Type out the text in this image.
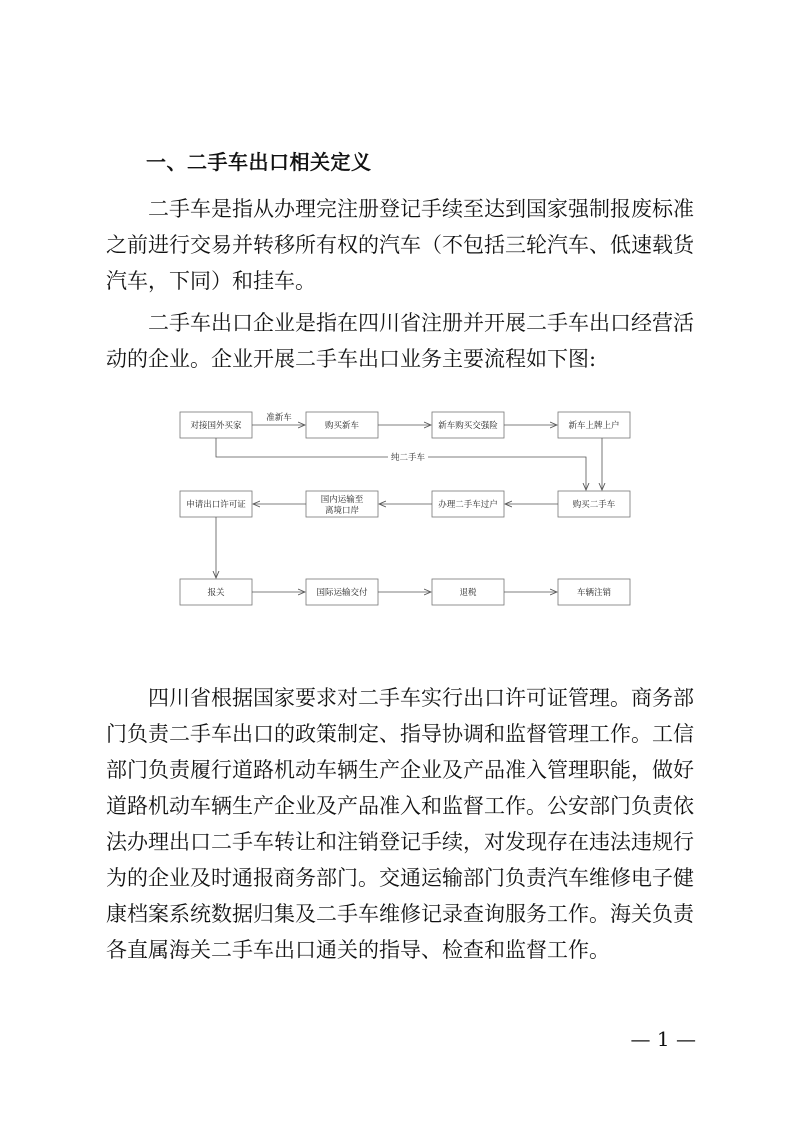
一、二手车出口相关定义

二手车是指从办理完注册登记手续至达到国家强制报废标准之前进行交易并转移所有权的汽车（不包括三轮汽车、低速载货汽车，下同）和挂车。

二手车出口企业是指在四川省注册并开展二手车出口经营活动的企业。企业开展二手车出口业务主要流程如下图:

对接国外买家	购买新车	新车购买交强险	新车上牌上户
申请出口许可证	国内运输至
离境口岸
办理二手车过户	购买二手车
报关	国际运输交付	退税	车辆注销
准新车
纯二手车

四川省根据国家要求对二手车实行出口许可证管理。商务部门负责二手车出口的政策制定、指导协调和监督管理工作。工信部门负责履行道路机动车辆生产企业及产品准入管理职能，做好道路机动车辆生产企业及产品准入和监督工作。公安部门负责依法办理出口二手车转让和注销登记手续，对发现存在违法违规行为的企业及时通报商务部门。交通运输部门负责汽车维修电子健康档案系统数据归集及二手车维修记录查询服务工作。海关负责各直属海关二手车出口通关的指导、检查和监督工作。

— 1 —
